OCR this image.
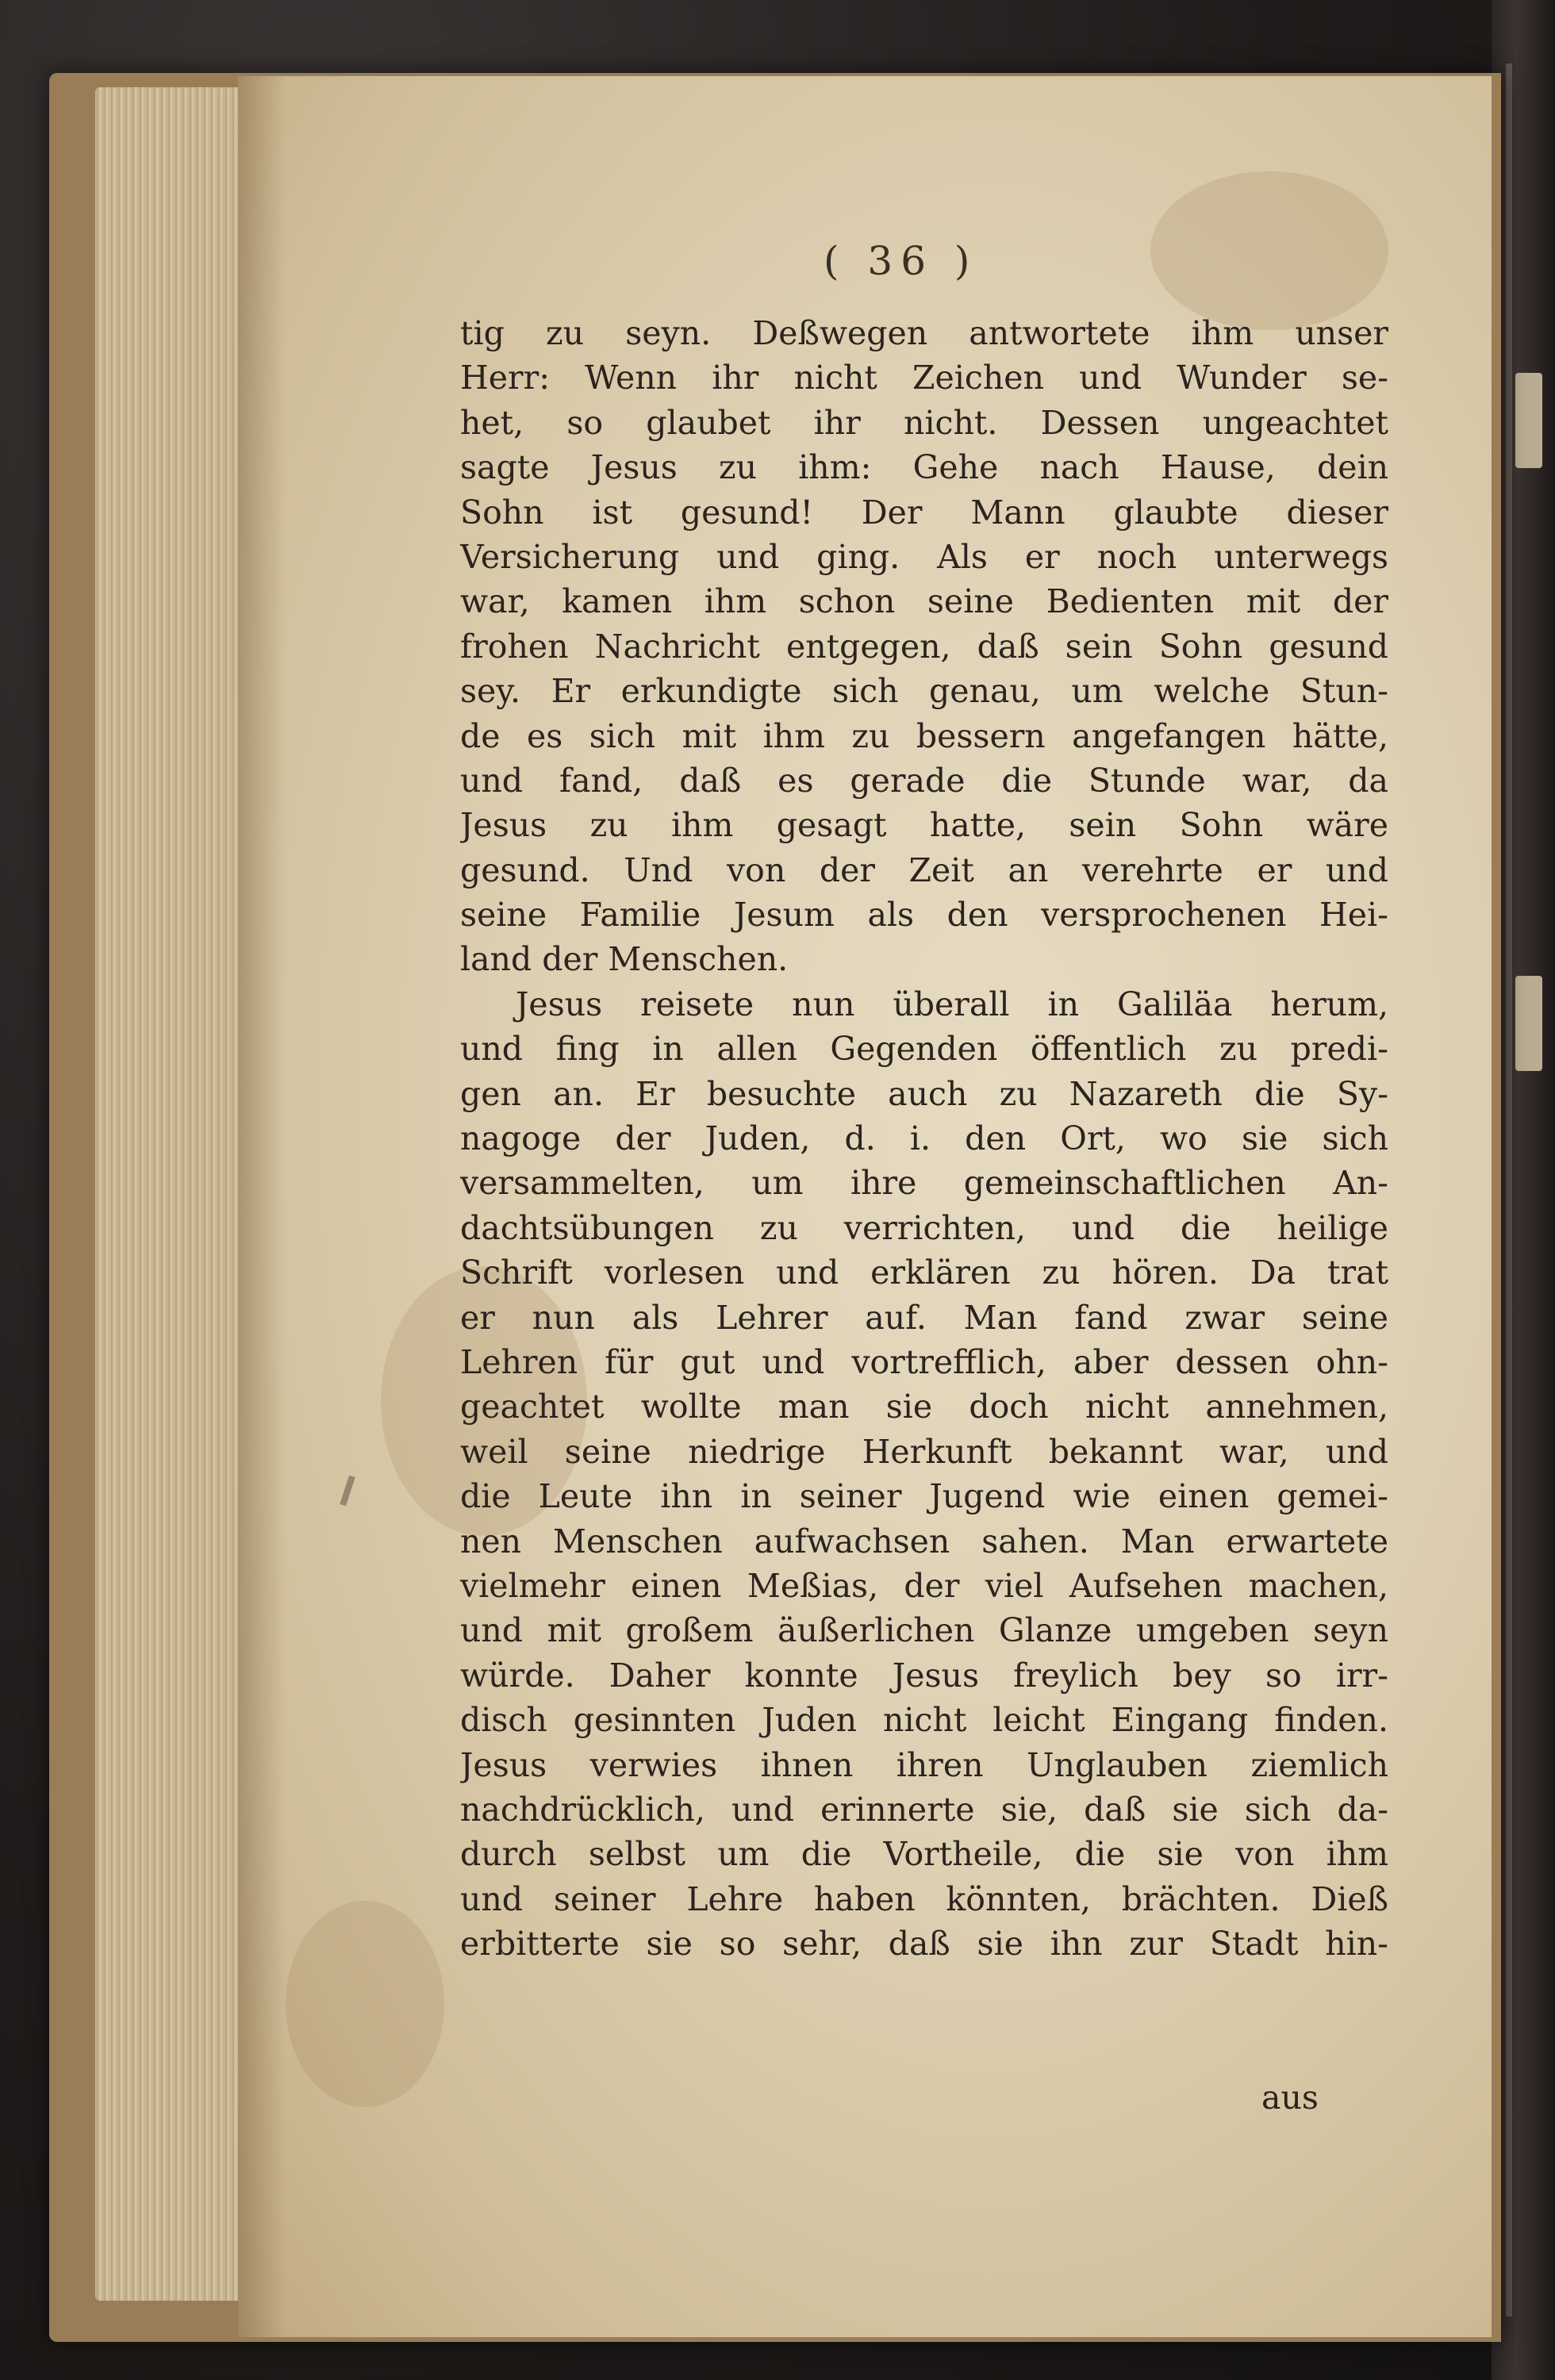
( 36 )
tig zu seyn. Deßwegen antwortete ihm unser
Herr: Wenn ihr nicht Zeichen und Wunder se-
het, so glaubet ihr nicht. Dessen ungeachtet
sagte Jesus zu ihm: Gehe nach Hause, dein
Sohn ist gesund! Der Mann glaubte dieser
Versicherung und ging. Als er noch unterwegs
war, kamen ihm schon seine Bedienten mit der
frohen Nachricht entgegen, daß sein Sohn gesund
sey. Er erkundigte sich genau, um welche Stun-
de es sich mit ihm zu bessern angefangen hätte,
und fand, daß es gerade die Stunde war, da
Jesus zu ihm gesagt hatte, sein Sohn wäre
gesund. Und von der Zeit an verehrte er und
seine Familie Jesum als den versprochenen Hei-
land der Menschen.
Jesus reisete nun überall in Galiläa herum,
und fing in allen Gegenden öffentlich zu predi-
gen an. Er besuchte auch zu Nazareth die Sy-
nagoge der Juden, d. i. den Ort, wo sie sich
versammelten, um ihre gemeinschaftlichen An-
dachtsübungen zu verrichten, und die heilige
Schrift vorlesen und erklären zu hören. Da trat
er nun als Lehrer auf. Man fand zwar seine
Lehren für gut und vortrefflich, aber dessen ohn-
geachtet wollte man sie doch nicht annehmen,
weil seine niedrige Herkunft bekannt war, und
die Leute ihn in seiner Jugend wie einen gemei-
nen Menschen aufwachsen sahen. Man erwartete
vielmehr einen Meßias, der viel Aufsehen machen,
und mit großem äußerlichen Glanze umgeben seyn
würde. Daher konnte Jesus freylich bey so irr-
disch gesinnten Juden nicht leicht Eingang finden.
Jesus verwies ihnen ihren Unglauben ziemlich
nachdrücklich, und erinnerte sie, daß sie sich da-
durch selbst um die Vortheile, die sie von ihm
und seiner Lehre haben könnten, brächten. Dieß
erbitterte sie so sehr, daß sie ihn zur Stadt hin-
aus
